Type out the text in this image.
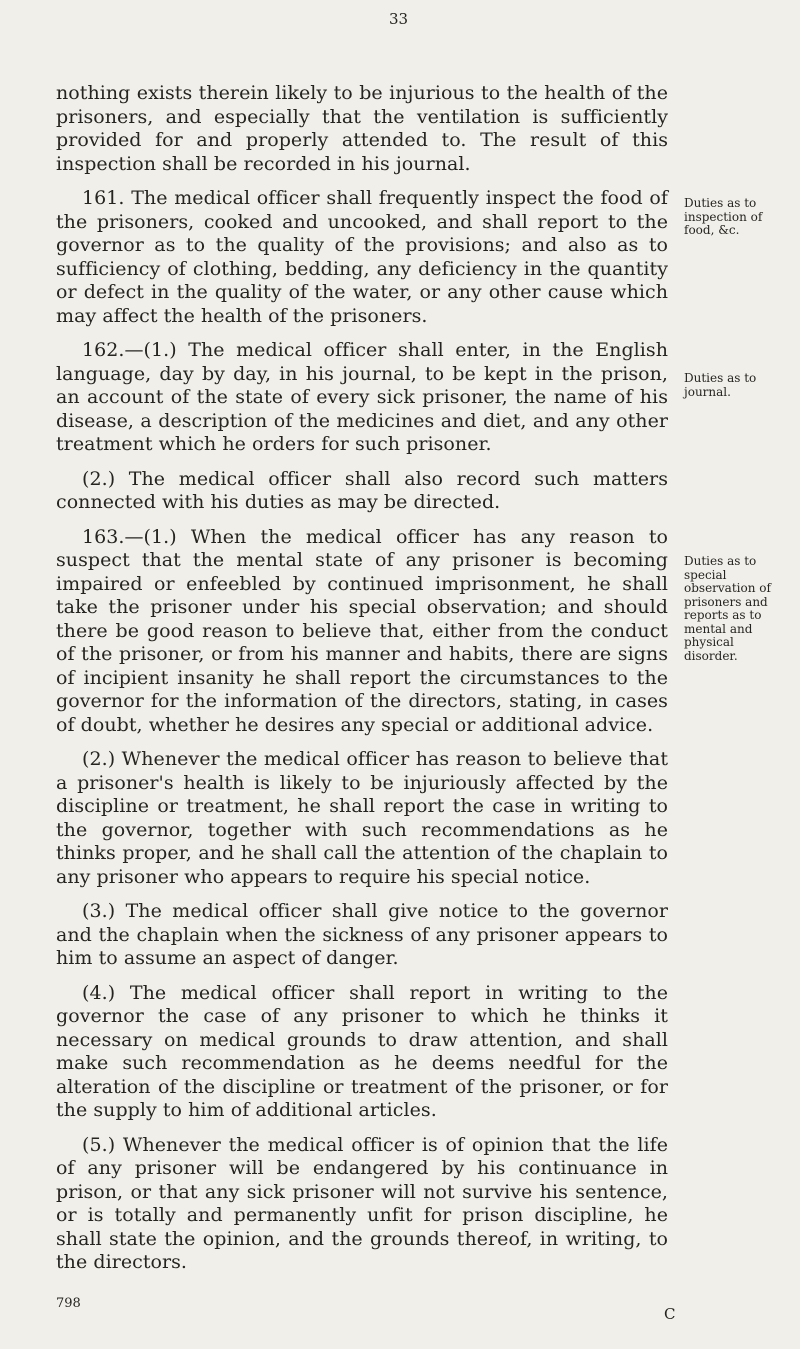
33

nothing exists therein likely to be injurious to the health of the prisoners, and especially that the ventilation is sufficiently provided for and properly attended to. The result of this inspection shall be recorded in his journal.

161. The medical officer shall frequently inspect the food of the prisoners, cooked and uncooked, and shall report to the governor as to the quality of the provisions; and also as to sufficiency of clothing, bedding, any deficiency in the quantity or defect in the quality of the water, or any other cause which may affect the health of the prisoners.

162.—(1.) The medical officer shall enter, in the English language, day by day, in his journal, to be kept in the prison, an account of the state of every sick prisoner, the name of his disease, a description of the medicines and diet, and any other treatment which he orders for such prisoner.

(2.) The medical officer shall also record such matters connected with his duties as may be directed.

163.—(1.) When the medical officer has any reason to suspect that the mental state of any prisoner is becoming impaired or enfeebled by continued imprisonment, he shall take the prisoner under his special observation; and should there be good reason to believe that, either from the conduct of the prisoner, or from his manner and habits, there are signs of incipient insanity he shall report the circumstances to the governor for the information of the directors, stating, in cases of doubt, whether he desires any special or additional advice.

(2.) Whenever the medical officer has reason to believe that a prisoner's health is likely to be injuriously affected by the discipline or treatment, he shall report the case in writing to the governor, together with such recommendations as he thinks proper, and he shall call the attention of the chaplain to any prisoner who appears to require his special notice.

(3.) The medical officer shall give notice to the governor and the chaplain when the sickness of any prisoner appears to him to assume an aspect of danger.

(4.) The medical officer shall report in writing to the governor the case of any prisoner to which he thinks it necessary on medical grounds to draw attention, and shall make such recommendation as he deems needful for the alteration of the discipline or treatment of the prisoner, or for the supply to him of additional articles.

(5.) Whenever the medical officer is of opinion that the life of any prisoner will be endangered by his continuance in prison, or that any sick prisoner will not survive his sentence, or is totally and permanently unfit for prison discipline, he shall state the opinion, and the grounds thereof, in writing, to the directors.

Duties as to inspection of food, &c.
Duties as to journal.
Duties as to special observation of prisoners and reports as to mental and physical disorder.
798
C
